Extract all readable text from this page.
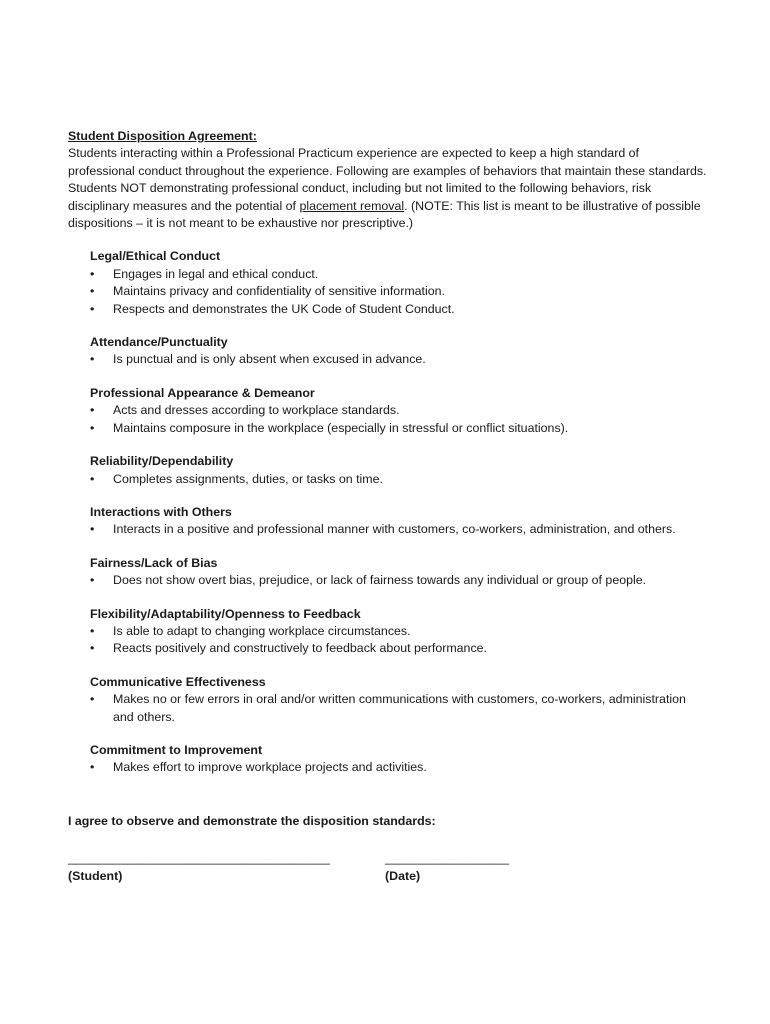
Student Disposition Agreement:

Students interacting within a Professional Practicum experience are expected to keep a high standard of professional conduct throughout the experience. Following are examples of behaviors that maintain these standards. Students NOT demonstrating professional conduct, including but not limited to the following behaviors, risk disciplinary measures and the potential of placement removal. (NOTE: This list is meant to be illustrative of possible dispositions – it is not meant to be exhaustive nor prescriptive.)

Legal/Ethical Conduct
• Engages in legal and ethical conduct.
• Maintains privacy and confidentiality of sensitive information.
• Respects and demonstrates the UK Code of Student Conduct.
Attendance/Punctuality
• Is punctual and is only absent when excused in advance.
Professional Appearance & Demeanor
• Acts and dresses according to workplace standards.
• Maintains composure in the workplace (especially in stressful or conflict situations).
Reliability/Dependability
• Completes assignments, duties, or tasks on time.
Interactions with Others
• Interacts in a positive and professional manner with customers, co-workers, administration, and others.
Fairness/Lack of Bias
• Does not show overt bias, prejudice, or lack of fairness towards any individual or group of people.
Flexibility/Adaptability/Openness to Feedback
• Is able to adapt to changing workplace circumstances.
• Reacts positively and constructively to feedback about performance.
Communicative Effectiveness
• Makes no or few errors in oral and/or written communications with customers, co-workers, administration and others.
Commitment to Improvement
• Makes effort to improve workplace projects and activities.
I agree to observe and demonstrate the disposition standards:
______________________________________
(Student)
__________________
(Date)
